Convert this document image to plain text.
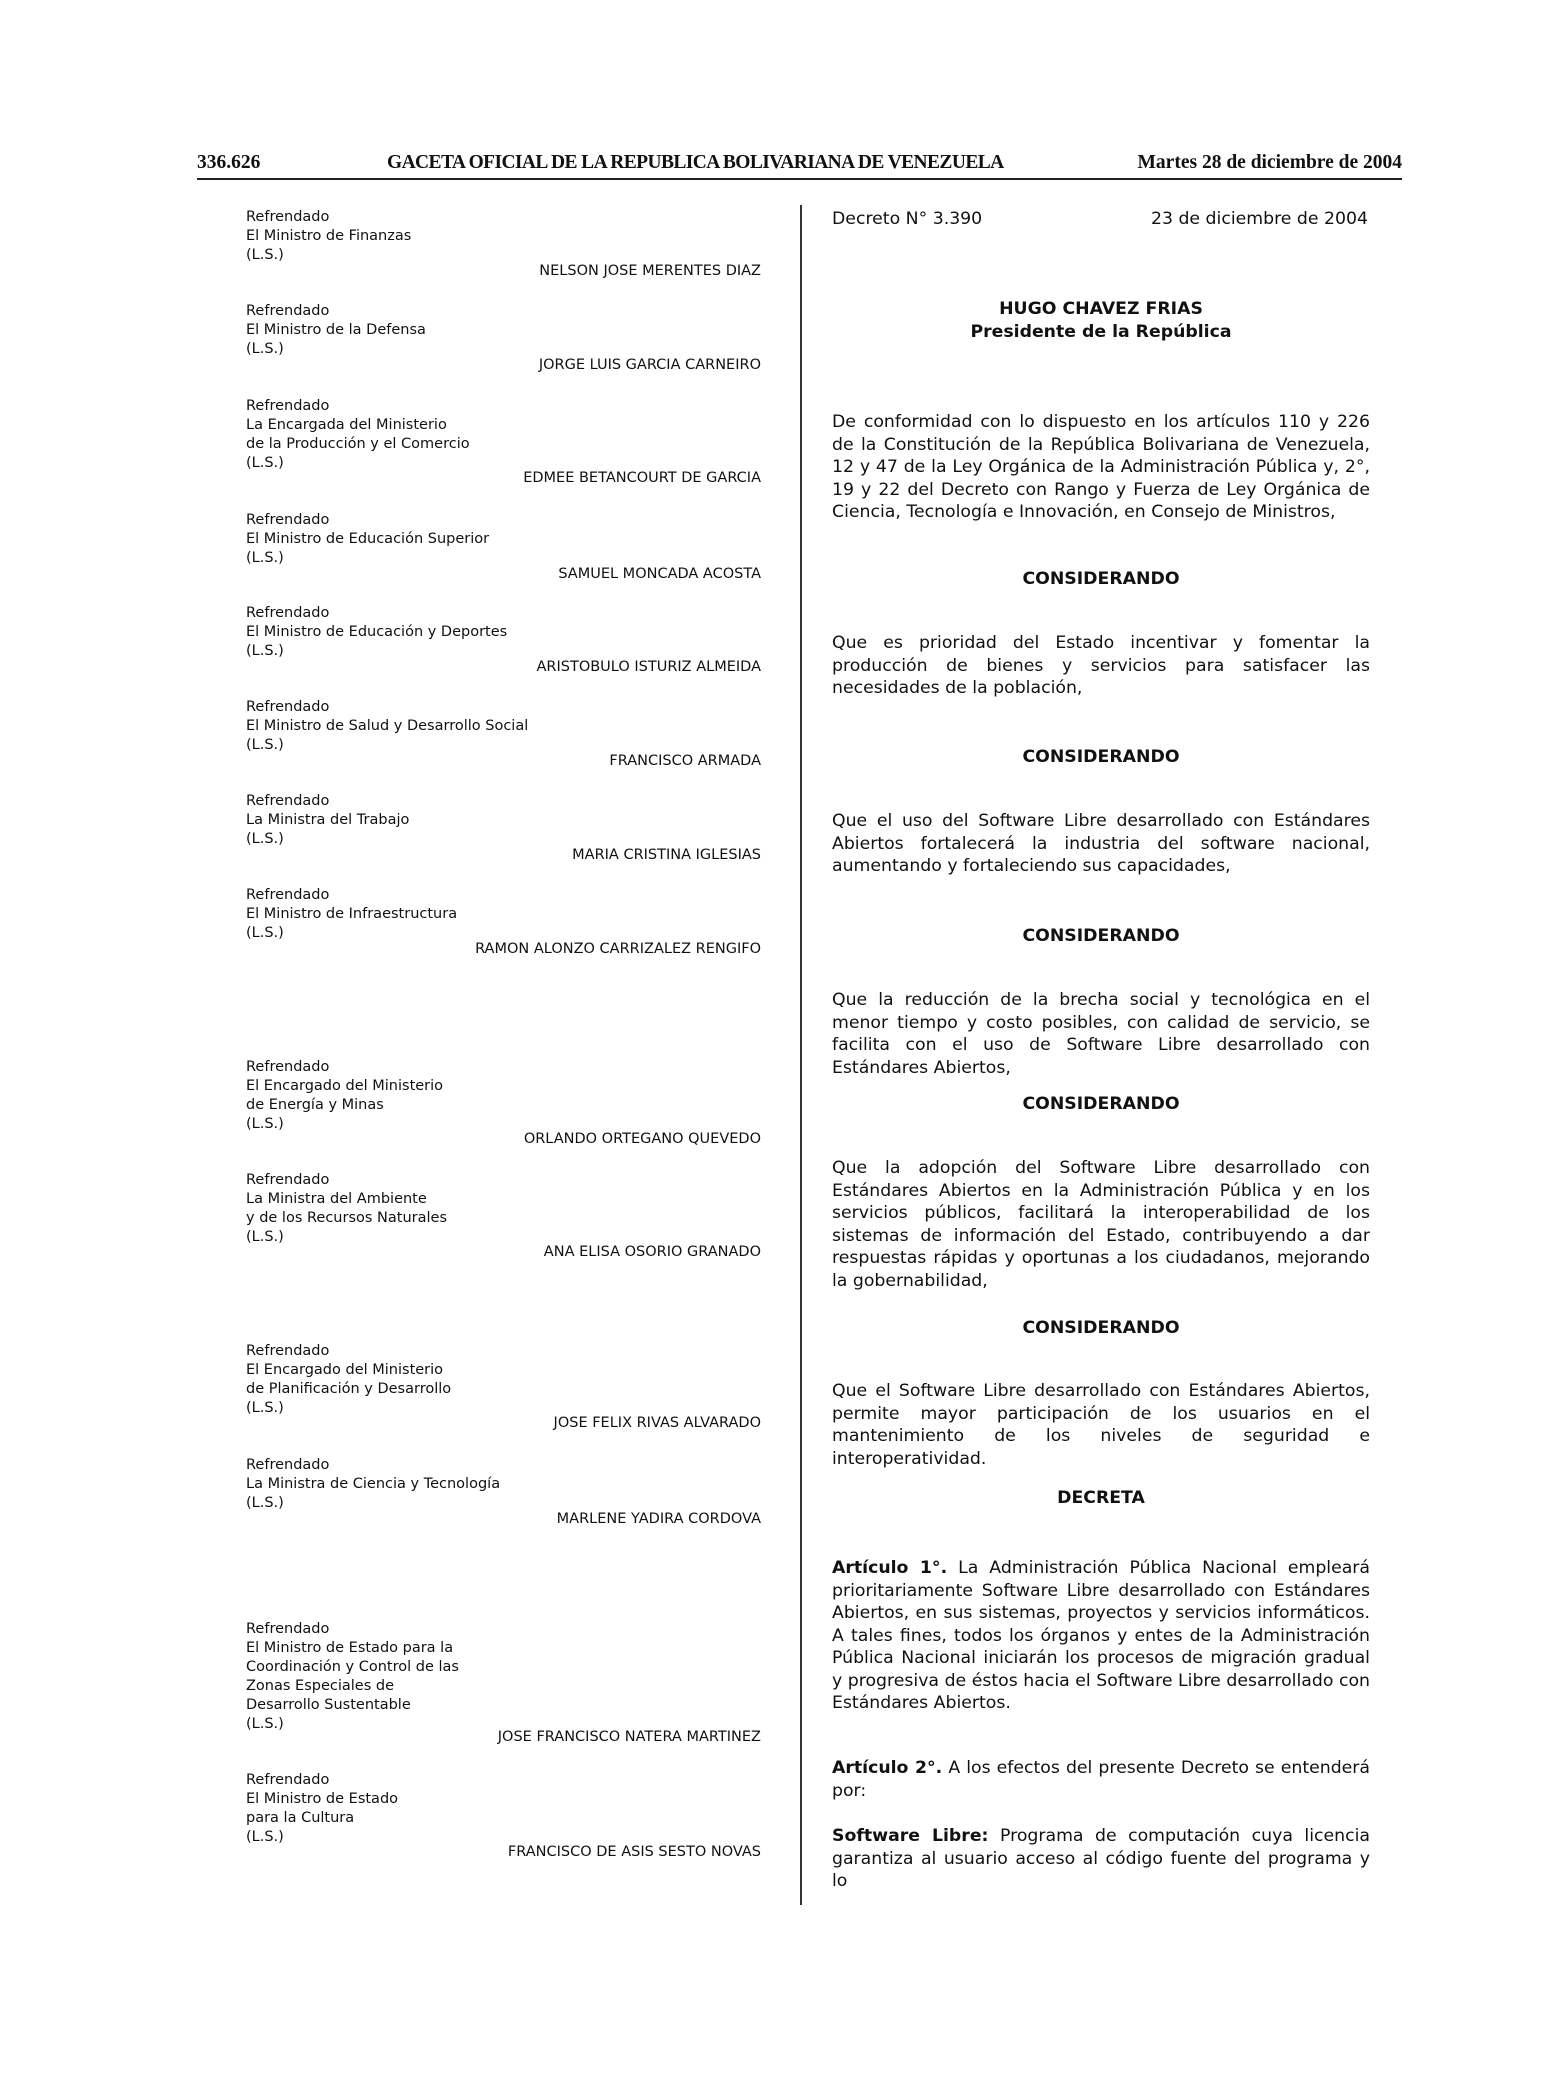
336.626	GACETA OFICIAL DE LA REPUBLICA BOLIVARIANA DE VENEZUELA	Martes 28 de diciembre de 2004
Refrendado
El Ministro de Finanzas
(L.S.)
NELSON JOSE MERENTES DIAZ
Refrendado
El Ministro de la Defensa
(L.S.)
JORGE LUIS GARCIA CARNEIRO
Refrendado
La Encargada del Ministerio
de la Producción y el Comercio
(L.S.)
EDMEE BETANCOURT DE GARCIA
Refrendado
El Ministro de Educación Superior
(L.S.)
SAMUEL MONCADA ACOSTA
Refrendado
El Ministro de Educación y Deportes
(L.S.)
ARISTOBULO ISTURIZ ALMEIDA
Refrendado
El Ministro de Salud y Desarrollo Social
(L.S.)
FRANCISCO ARMADA
Refrendado
La Ministra del Trabajo
(L.S.)
MARIA CRISTINA IGLESIAS
Refrendado
El Ministro de Infraestructura
(L.S.)
RAMON ALONZO CARRIZALEZ RENGIFO
Refrendado
El Encargado del Ministerio
de Energía y Minas
(L.S.)
ORLANDO ORTEGANO QUEVEDO
Refrendado
La Ministra del Ambiente
y de los Recursos Naturales
(L.S.)
ANA ELISA OSORIO GRANADO
Refrendado
El Encargado del Ministerio
de Planificación y Desarrollo
(L.S.)
JOSE FELIX RIVAS ALVARADO
Refrendado
La Ministra de Ciencia y Tecnología
(L.S.)
MARLENE YADIRA CORDOVA
Refrendado
El Ministro de Estado para la
Coordinación y Control de las
Zonas Especiales de
Desarrollo Sustentable
(L.S.)
JOSE FRANCISCO NATERA MARTINEZ
Refrendado
El Ministro de Estado
para la Cultura
(L.S.)
FRANCISCO DE ASIS SESTO NOVAS
Decreto N° 3.390	23 de diciembre de 2004
HUGO CHAVEZ FRIAS
Presidente de la República
De conformidad con lo dispuesto en los artículos 110 y 226 de la Constitución de la República Bolivariana de Venezuela, 12 y 47 de la Ley Orgánica de la Administración Pública y, 2°, 19 y 22 del Decreto con Rango y Fuerza de Ley Orgánica de Ciencia, Tecnología e Innovación, en Consejo de Ministros,
CONSIDERANDO
Que es prioridad del Estado incentivar y fomentar la producción de bienes y servicios para satisfacer las necesidades de la población,
CONSIDERANDO
Que el uso del Software Libre desarrollado con Estándares Abiertos fortalecerá la industria del software nacional, aumentando y fortaleciendo sus capacidades,
CONSIDERANDO
Que la reducción de la brecha social y tecnológica en el menor tiempo y costo posibles, con calidad de servicio, se facilita con el uso de Software Libre desarrollado con Estándares Abiertos,
CONSIDERANDO
Que la adopción del Software Libre desarrollado con Estándares Abiertos en la Administración Pública y en los servicios públicos, facilitará la interoperabilidad de los sistemas de información del Estado, contribuyendo a dar respuestas rápidas y oportunas a los ciudadanos, mejorando la gobernabilidad,
CONSIDERANDO
Que el Software Libre desarrollado con Estándares Abiertos, permite mayor participación de los usuarios en el mantenimiento de los niveles de seguridad e interoperatividad.
DECRETA
Artículo 1°. La Administración Pública Nacional empleará prioritariamente Software Libre desarrollado con Estándares Abiertos, en sus sistemas, proyectos y servicios informáticos. A tales fines, todos los órganos y entes de la Administración Pública Nacional iniciarán los procesos de migración gradual y progresiva de éstos hacia el Software Libre desarrollado con Estándares Abiertos.
Artículo 2°. A los efectos del presente Decreto se entenderá por:
Software Libre: Programa de computación cuya licencia garantiza al usuario acceso al código fuente del programa y lo
